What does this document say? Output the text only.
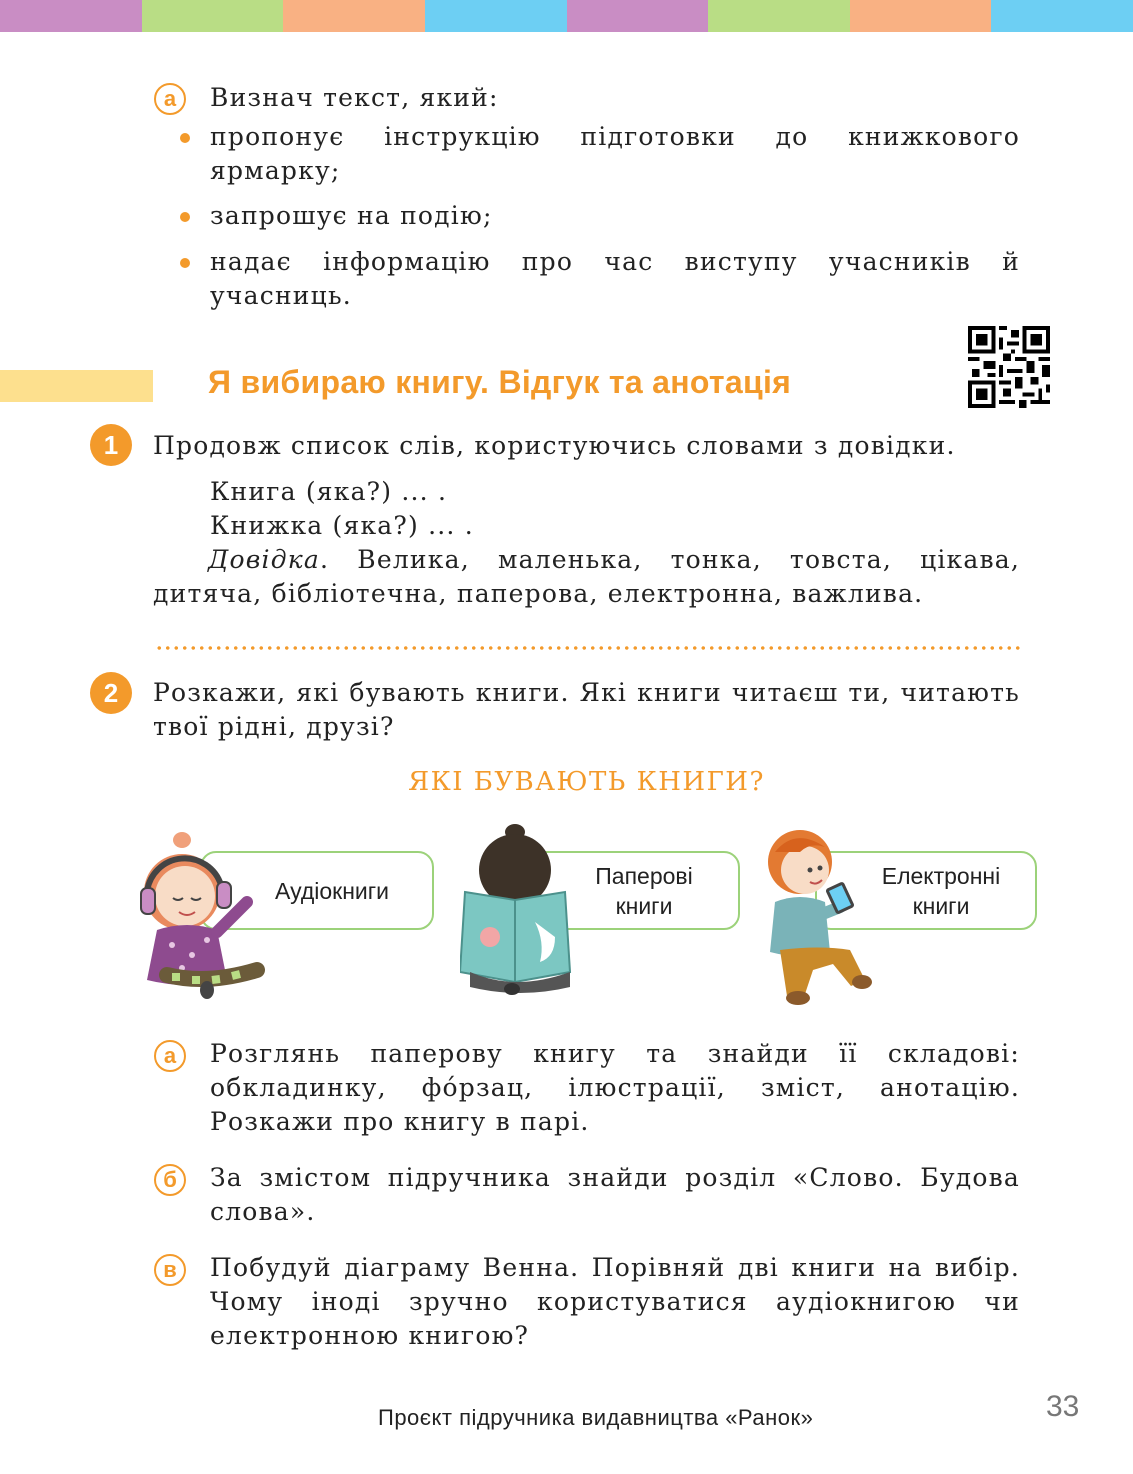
а	Визнач текст, який:
пропонує інструкцію підготовки до книжкового ярмарку;
запрошує на подію;
надає інформацію про час виступу учасників й учасниць.
Я вибираю книгу. Відгук та анотація
1	Продовж список слів, користуючись словами з довідки.
Книга (яка?) ... .
Книжка (яка?) ... .
Довідка. Велика, маленька, тонка, товста, цікава, дитяча, бібліотечна, паперова, електронна, важлива.
2	Розкажи, які бувають книги. Які книги читаєш ти, читають твої рідні, друзі?
ЯКІ БУВАЮТЬ КНИГИ?
Аудіокниги
Паперові
книги
Електронні
книги
а	Розглянь паперову книгу та знайди її складові: обкладинку, фо́рзац, ілюстрації, зміст, анотацію. Розкажи про книгу в парі.
б	За змістом підручника знайди розділ «Слово. Будова слова».
в	Побудуй діаграму Венна. Порівняй дві книги на вибір. Чому іноді зручно користуватися аудіокнигою чи електронною книгою?
Проєкт підручника видавництва «Ранок»	33
